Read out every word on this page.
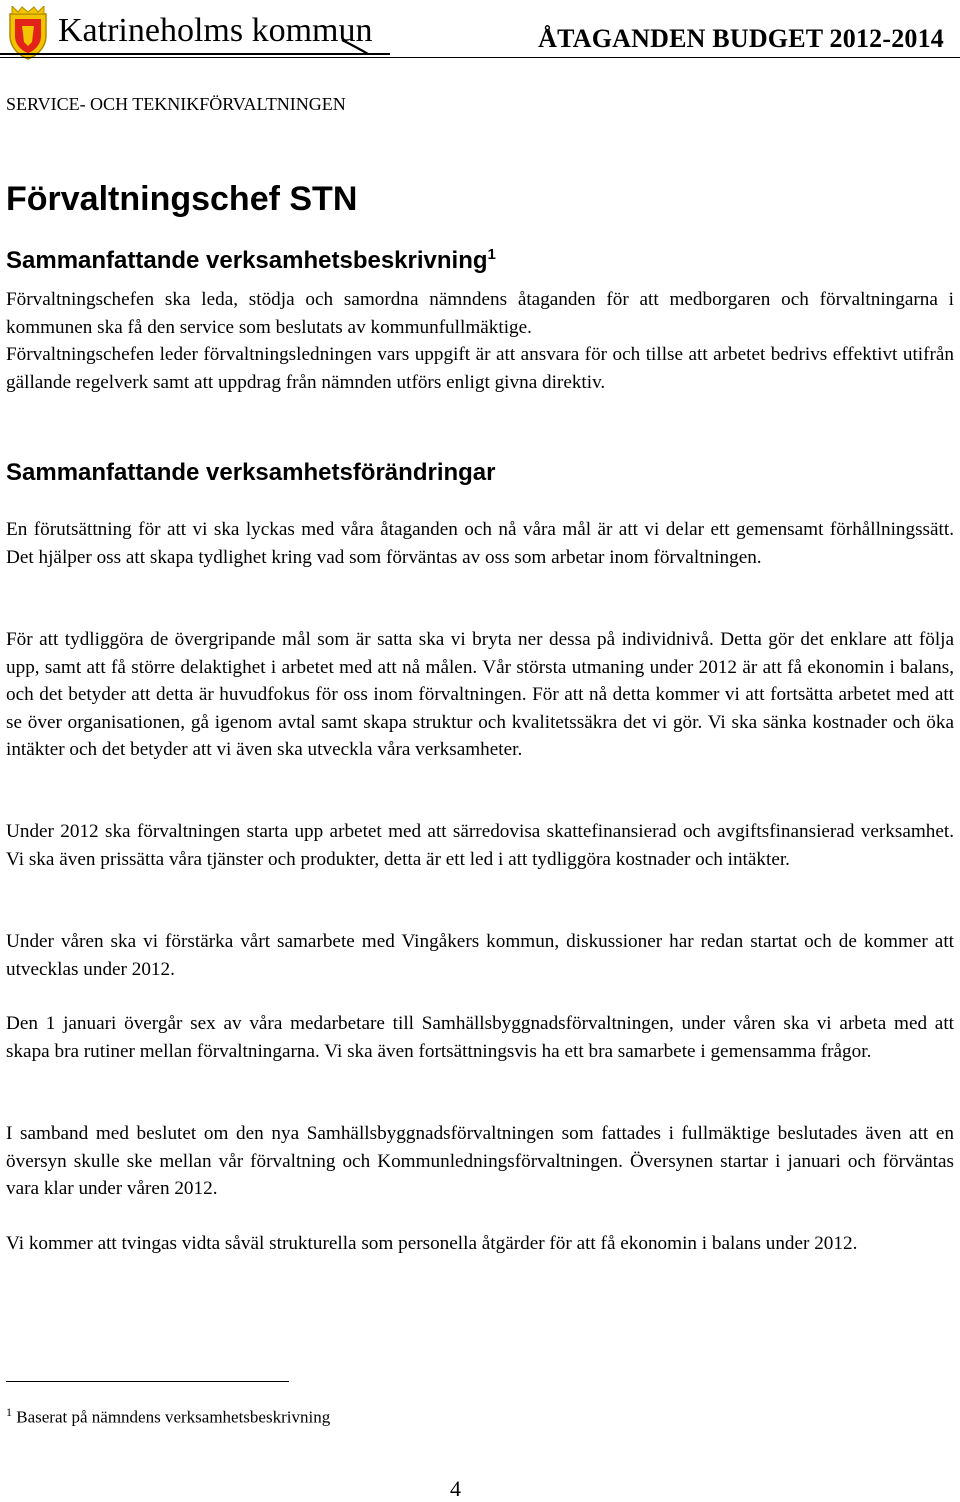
Katrineholms kommun	ÅTAGANDEN BUDGET 2012-2014
SERVICE- OCH TEKNIKFÖRVALTNINGEN
Förvaltningschef STN
Sammanfattande verksamhetsbeskrivning$^1$

Förvaltningschefen ska leda, stödja och samordna nämndens åtaganden för att medborgaren och förvaltningarna i kommunen ska få den service som beslutats av kommunfullmäktige.

Förvaltningschefen leder förvaltningsledningen vars uppgift är att ansvara för och tillse att arbetet bedrivs effektivt utifrån gällande regelverk samt att uppdrag från nämnden utförs enligt givna direktiv.

Sammanfattande verksamhetsförändringar

En förutsättning för att vi ska lyckas med våra åtaganden och nå våra mål är att vi delar ett gemensamt förhållningssätt. Det hjälper oss att skapa tydlighet kring vad som förväntas av oss som arbetar inom förvaltningen.

För att tydliggöra de övergripande mål som är satta ska vi bryta ner dessa på individnivå. Detta gör det enklare att följa upp, samt att få större delaktighet i arbetet med att nå målen. Vår största utmaning under 2012 är att få ekonomin i balans, och det betyder att detta är huvudfokus för oss inom förvaltningen. För att nå detta kommer vi att fortsätta arbetet med att se över organisationen, gå igenom avtal samt skapa struktur och kvalitetssäkra det vi gör. Vi ska sänka kostnader och öka intäkter och det betyder att vi även ska utveckla våra verksamheter.

Under 2012 ska förvaltningen starta upp arbetet med att särredovisa skattefinansierad och avgiftsfinansierad verksamhet. Vi ska även prissätta våra tjänster och produkter, detta är ett led i att tydliggöra kostnader och intäkter.

Under våren ska vi förstärka vårt samarbete med Vingåkers kommun, diskussioner har redan startat och de kommer att utvecklas under 2012.

Den 1 januari övergår sex av våra medarbetare till Samhällsbyggnadsförvaltningen, under våren ska vi arbeta med att skapa bra rutiner mellan förvaltningarna. Vi ska även fortsättningsvis ha ett bra samarbete i gemensamma frågor.

I samband med beslutet om den nya Samhällsbyggnadsförvaltningen som fattades i fullmäktige beslutades även att en översyn skulle ske mellan vår förvaltning och Kommunledningsförvaltningen. Översynen startar i januari och förväntas vara klar under våren 2012.

Vi kommer att tvingas vidta såväl strukturella som personella åtgärder för att få ekonomin i balans under 2012.

$^1$ Baserat på nämndens verksamhetsbeskrivning
4
